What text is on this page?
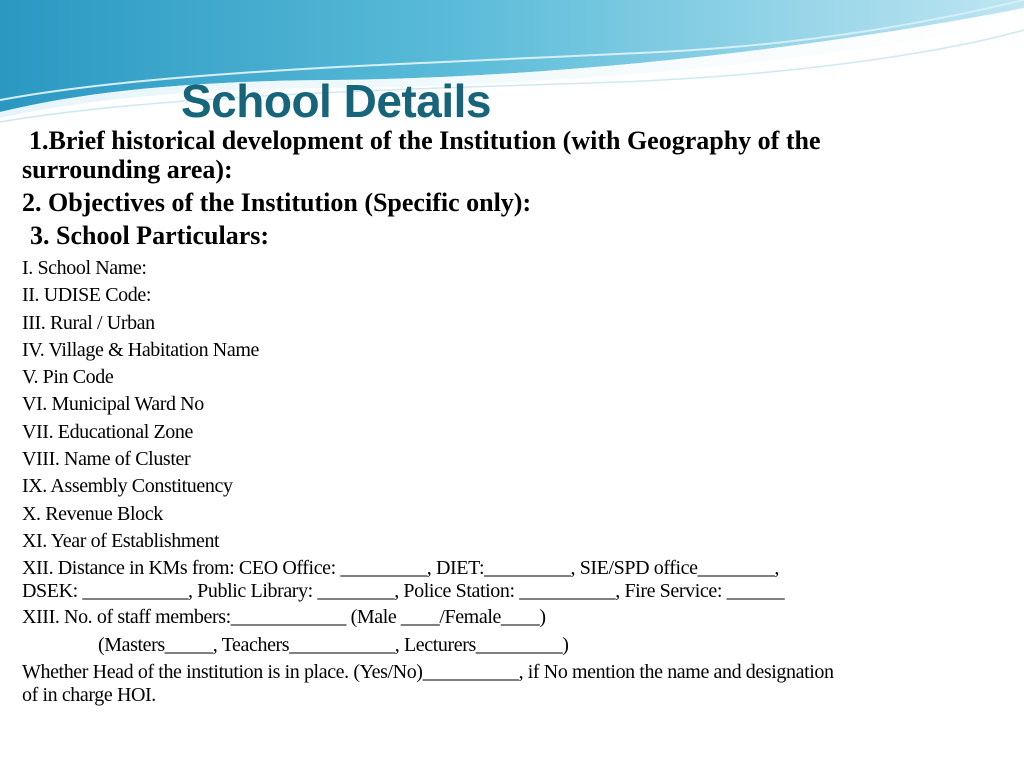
School Details

1.Brief historical development of the Institution (with Geography of the

surrounding area):

2. Objectives of the Institution (Specific only):

3. School Particulars:

I. School Name:
II. UDISE Code:
III. Rural / Urban
IV. Village & Habitation Name
V. Pin Code
VI. Municipal Ward No
VII. Educational Zone
VIII. Name of Cluster
IX. Assembly Constituency
X. Revenue Block
XI. Year of Establishment

XII. Distance in KMs from: CEO Office: _________, DIET:_________, SIE/SPD office________,

DSEK: ___________, Public Library: ________, Police Station: __________, Fire Service: ______

XIII. No. of staff members:____________ (Male ____/Female____)

(Masters_____, Teachers___________, Lecturers_________)

Whether Head of the institution is in place. (Yes/No)__________, if No mention the name and designation

of in charge HOI.
